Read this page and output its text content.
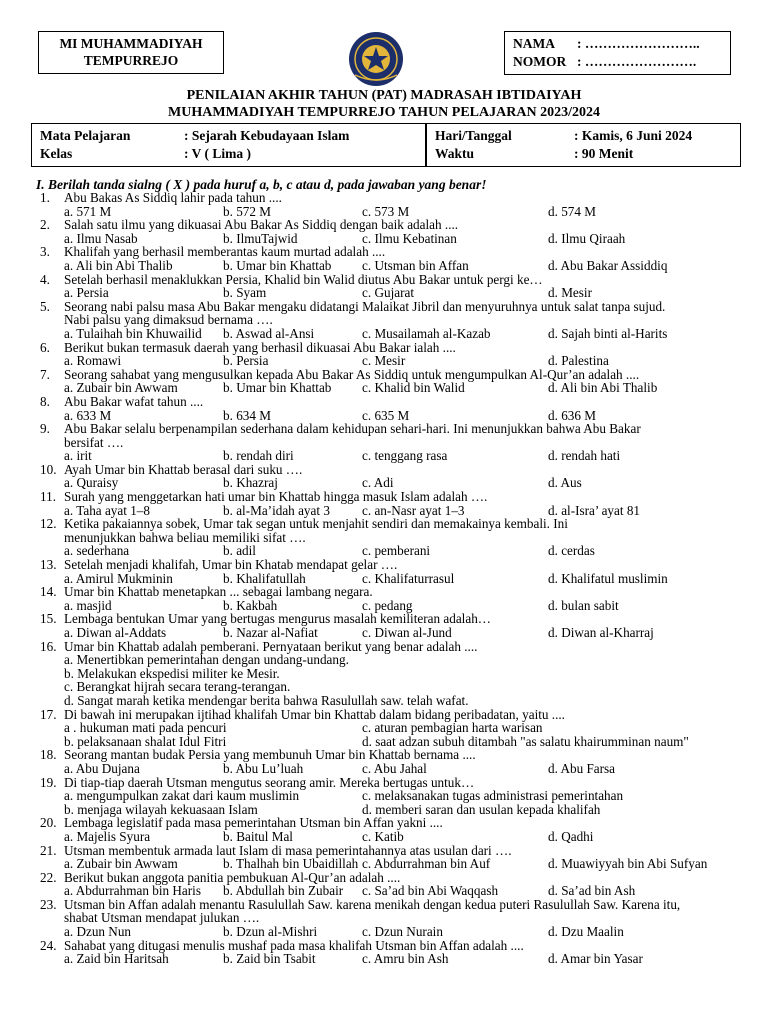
MI MUHAMMADIYAH
TEMPURREJO
NAMA	: ……………………..
NOMOR : …………………….
PENILAIAN AKHIR TAHUN (PAT) MADRASAH IBTIDAIYAH
MUHAMMADIYAH TEMPURREJO TAHUN PELAJARAN 2023/2024
Mata Pelajaran	: Sejarah Kebudayaan Islam
Kelas	: V ( Lima )
Hari/Tanggal	: Kamis, 6 Juni 2024
Waktu	: 90 Menit
I. Berilah tanda sialng ( X ) pada huruf a, b, c atau d, pada jawaban yang benar!
1.	Abu Bakas As Siddiq lahir pada tahun ....
a. 571 M	b. 572 M	c. 573 M	d. 574 M
2.	Salah satu ilmu yang dikuasai Abu Bakar As Siddiq dengan baik adalah ....
a. Ilmu Nasab	b. IlmuTajwid	c. Ilmu Kebatinan	d. Ilmu Qiraah
3.	Khalifah yang berhasil memberantas kaum murtad adalah ....
a. Ali bin Abi Thalib	b. Umar bin Khattab c. Utsman bin Affan	d. Abu Bakar Assiddiq
4.	Setelah berhasil menaklukkan Persia, Khalid bin Walid diutus Abu Bakar untuk pergi ke…
a. Persia	b. Syam	c. Gujarat	d. Mesir
5.	Seorang nabi palsu masa Abu Bakar mengaku didatangi Malaikat Jibril dan menyuruhnya untuk salat tanpa sujud.
Nabi palsu yang dimaksud bernama ….
a. Tulaihah bin Khuwailid b. Aswad al-Ansi	c. Musailamah al-Kazab	d. Sajah binti al-Harits
6.	Berikut bukan termasuk daerah yang berhasil dikuasai Abu Bakar ialah ....
a. Romawi	b. Persia	c. Mesir	d. Palestina
7.	Seorang sahabat yang mengusulkan kepada Abu Bakar As Siddiq untuk mengumpulkan Al-Qur’an adalah ....
a. Zubair bin Awwam	b. Umar bin Khattab c. Khalid bin Walid	d. Ali bin Abi Thalib
8.	Abu Bakar wafat tahun ....
a. 633 M	b. 634 M	c. 635 M	d. 636 M
9.	Abu Bakar selalu berpenampilan sederhana dalam kehidupan sehari-hari. Ini menunjukkan bahwa Abu Bakar
bersifat ….
a. irit	b. rendah diri	c. tenggang rasa	d. rendah hati
10. Ayah Umar bin Khattab berasal dari suku ….
a. Quraisy	b. Khazraj	c. Adi	d. Aus
11. Surah yang menggetarkan hati umar bin Khattab hingga masuk Islam adalah ….
a. Taha ayat 1–8	b. al-Ma’idah ayat 3 c. an-Nasr ayat 1–3	d. al-Isra’ ayat 81
12. Ketika pakaiannya sobek, Umar tak segan untuk menjahit sendiri dan memakainya kembali. Ini
menunjukkan bahwa beliau memiliki sifat ….
a. sederhana	b. adil	c. pemberani	d. cerdas
13. Setelah menjadi khalifah, Umar bin Khatab mendapat gelar ….
a. Amirul Mukminin	b. Khalifatullah	c. Khalifaturrasul	d. Khalifatul muslimin
14. Umar bin Khattab menetapkan ... sebagai lambang negara.
a. masjid	b. Kakbah	c. pedang	d. bulan sabit
15. Lembaga bentukan Umar yang bertugas mengurus masalah kemiliteran adalah…
a. Diwan al-Addats	b. Nazar al-Nafiat	c. Diwan al-Jund	d. Diwan al-Kharraj
16. Umar bin Khattab adalah pemberani. Pernyataan berikut yang benar adalah ....
a. Menertibkan pemerintahan dengan undang-undang.
b. Melakukan ekspedisi militer ke Mesir.
c. Berangkat hijrah secara terang-terangan.
d. Sangat marah ketika mendengar berita bahwa Rasulullah saw. telah wafat.
17. Di bawah ini merupakan ijtihad khalifah Umar bin Khattab dalam bidang peribadatan, yaitu ....
a . hukuman mati pada pencuri	c. aturan pembagian harta warisan
b. pelaksanaan shalat Idul Fitri	d. saat adzan subuh ditambah "as salatu khairumminan naum"
18. Seorang mantan budak Persia yang membunuh Umar bin Khattab bernama ....
a. Abu Dujana	b. Abu Lu’luah	c. Abu Jahal	d. Abu Farsa
19. Di tiap-tiap daerah Utsman mengutus seorang amir. Mereka bertugas untuk…
a. mengumpulkan zakat dari kaum muslimin	c. melaksanakan tugas administrasi pemerintahan
b. menjaga wilayah kekuasaan Islam	d. memberi saran dan usulan kepada khalifah
20. Lembaga legislatif pada masa pemerintahan Utsman bin Affan yakni ....
a. Majelis Syura	b. Baitul Mal	c. Katib	d. Qadhi
21. Utsman membentuk armada laut Islam di masa pemerintahannya atas usulan dari ….
a. Zubair bin Awwam	b. Thalhah bin Ubaidillah c. Abdurrahman bin Auf	d. Muawiyyah bin Abi Sufyan
22. Berikut bukan anggota panitia pembukuan Al-Qur’an adalah ....
a. Abdurrahman bin Haris b. Abdullah bin Zubair c. Sa’ad bin Abi Waqqash	d. Sa’ad bin Ash
23. Utsman bin Affan adalah menantu Rasulullah Saw. karena menikah dengan kedua puteri Rasulullah Saw. Karena itu,
shabat Utsman mendapat julukan ….
a. Dzun Nun	b. Dzun al-Mishri	c. Dzun Nurain	d. Dzu Maalin
24. Sahabat yang ditugasi menulis mushaf pada masa khalifah Utsman bin Affan adalah ....
a. Zaid bin Haritsah	b. Zaid bin Tsabit	c. Amru bin Ash	d. Amar bin Yasar
